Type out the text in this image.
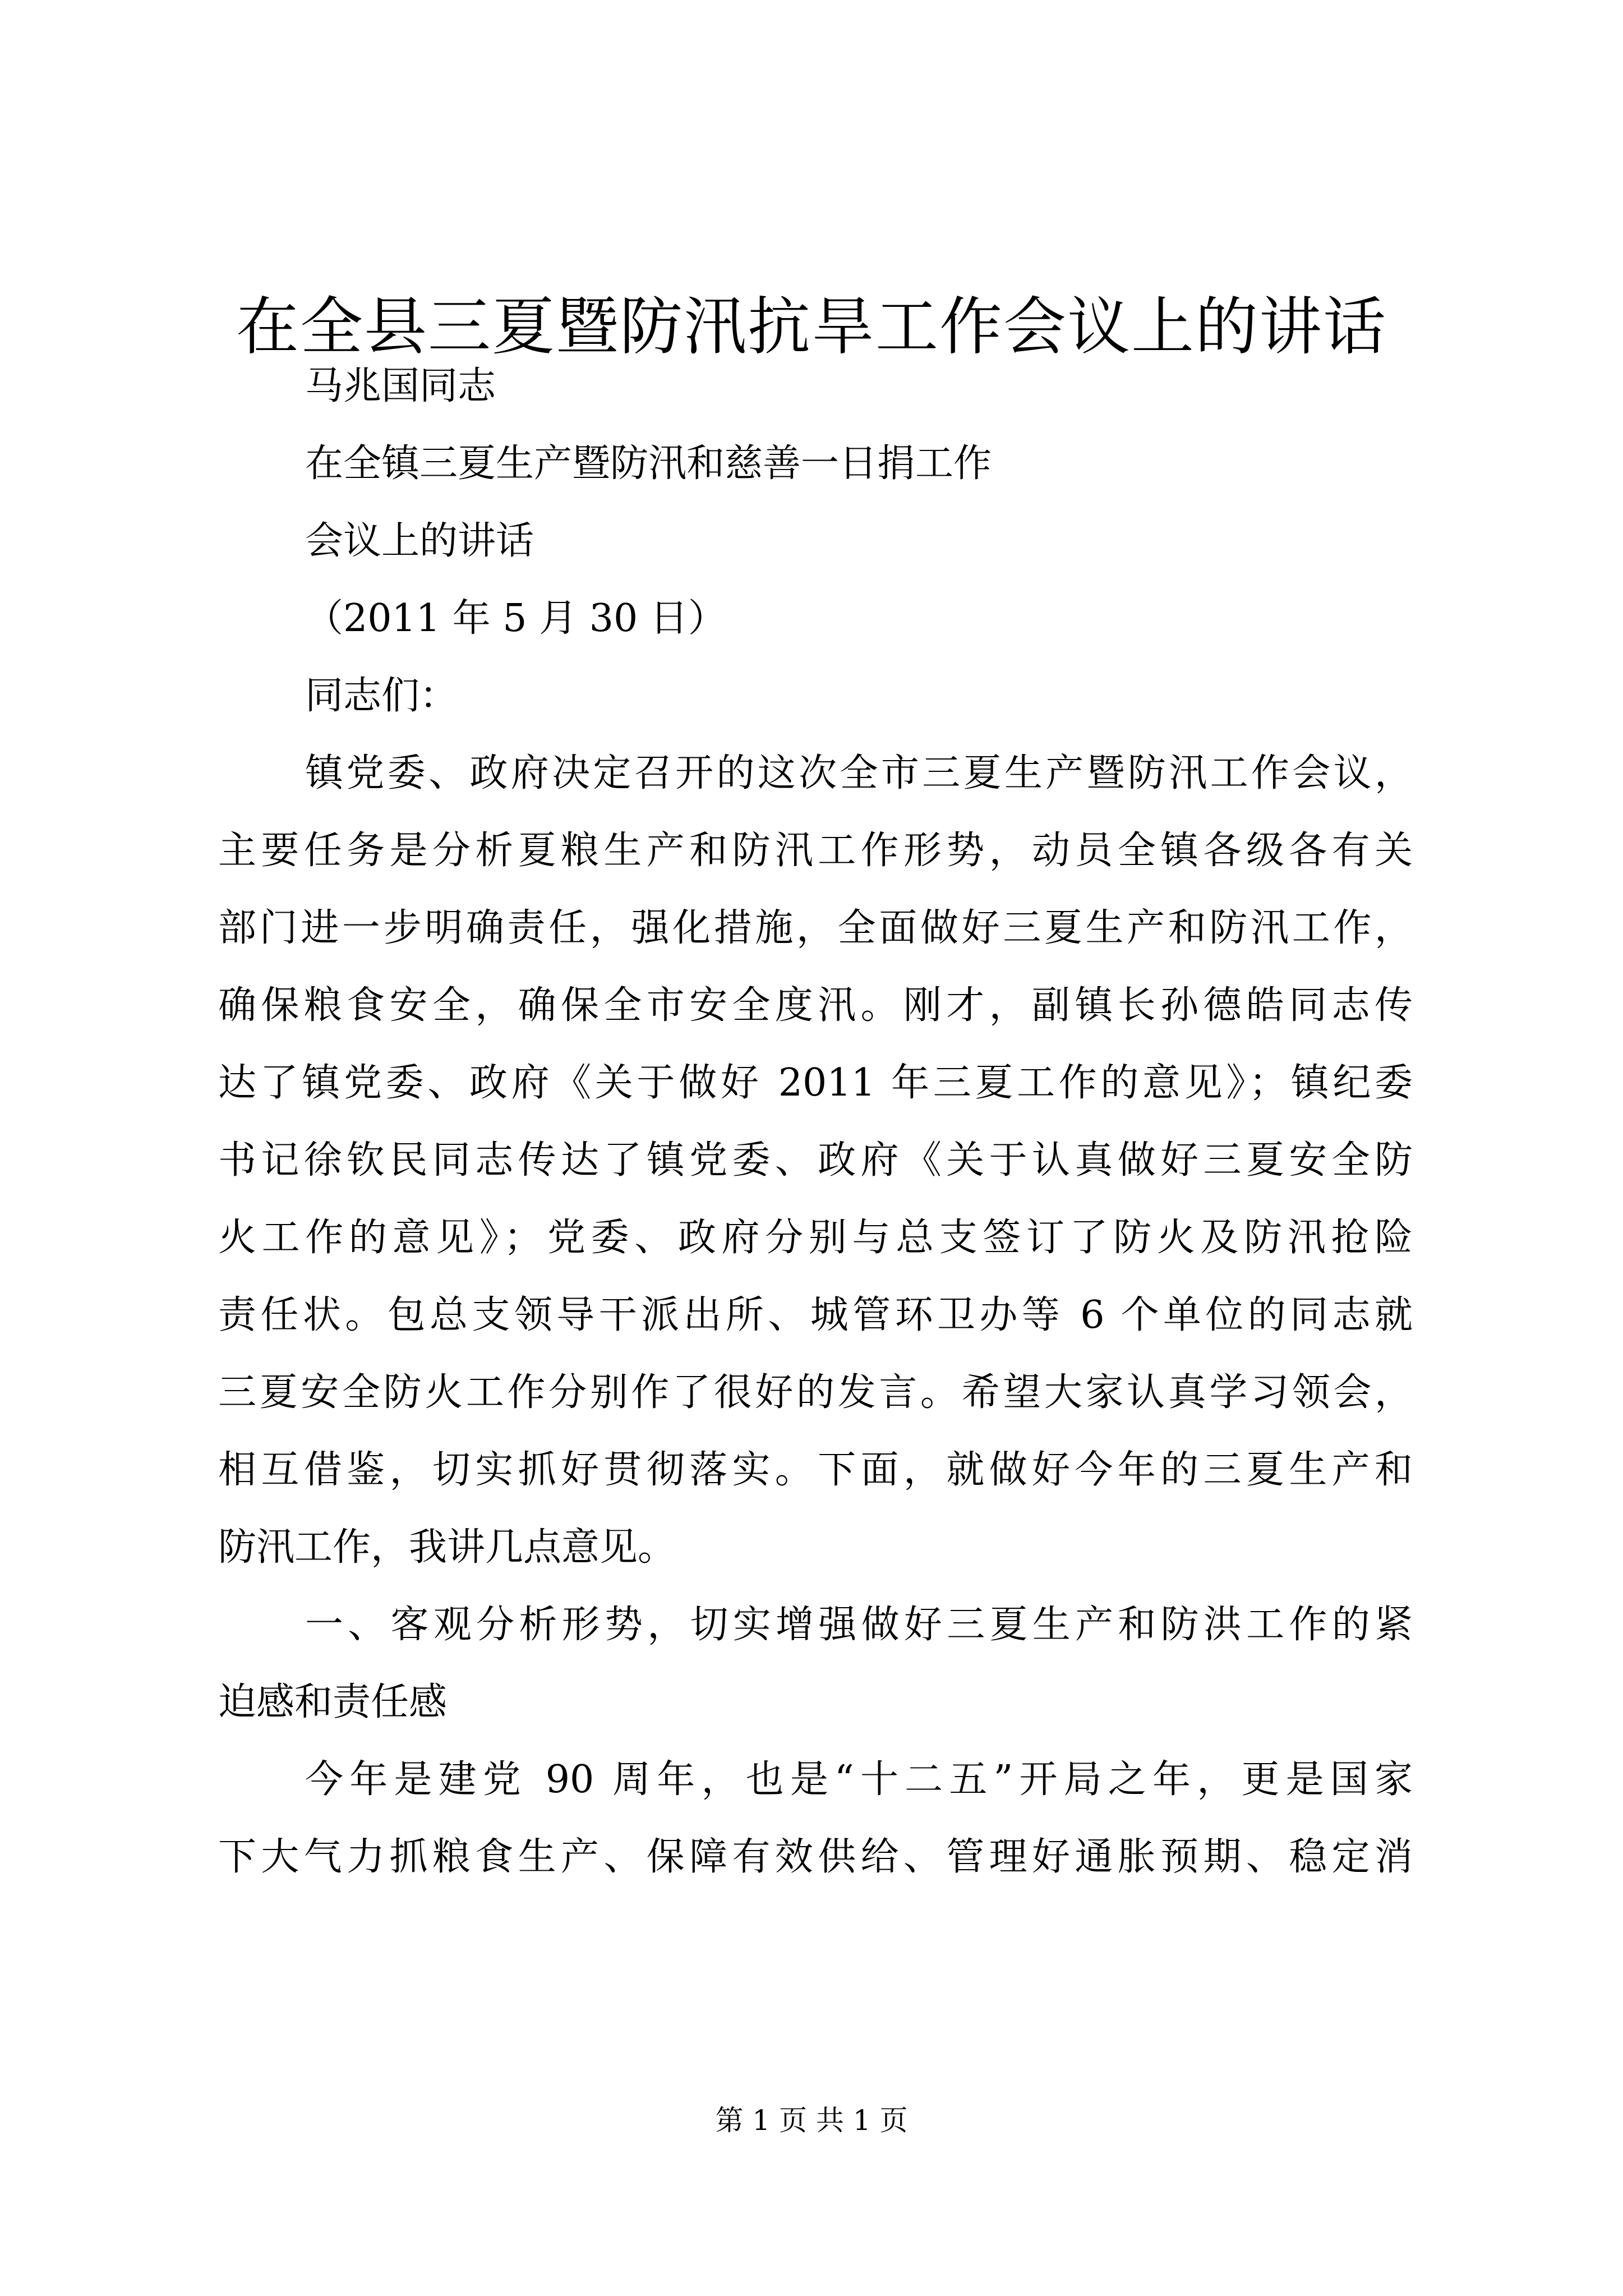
在全县三夏暨防汛抗旱工作会议上的讲话

马兆国同志

在全镇三夏生产暨防汛和慈善一日捐工作

会议上的讲话

（2011 年 5 月 30 日）

同志们：

镇党委、政府决定召开的这次全市三夏生产暨防汛工作会议，

主要任务是分析夏粮生产和防汛工作形势，动员全镇各级各有关

部门进一步明确责任，强化措施，全面做好三夏生产和防汛工作，

确保粮食安全，确保全市安全度汛。刚才，副镇长孙德皓同志传

达了镇党委、政府《关于做好 2011 年三夏工作的意见》；镇纪委

书记徐钦民同志传达了镇党委、政府《关于认真做好三夏安全防

火工作的意见》；党委、政府分别与总支签订了防火及防汛抢险

责任状。包总支领导干派出所、城管环卫办等 6 个单位的同志就

三夏安全防火工作分别作了很好的发言。希望大家认真学习领会，

相互借鉴，切实抓好贯彻落实。下面，就做好今年的三夏生产和

防汛工作，我讲几点意见。

一、客观分析形势，切实增强做好三夏生产和防洪工作的紧

迫感和责任感

今年是建党 90 周年，也是“十二五”开局之年，更是国家

下大气力抓粮食生产、保障有效供给、管理好通胀预期、稳定消

第 1 页 共 1 页
